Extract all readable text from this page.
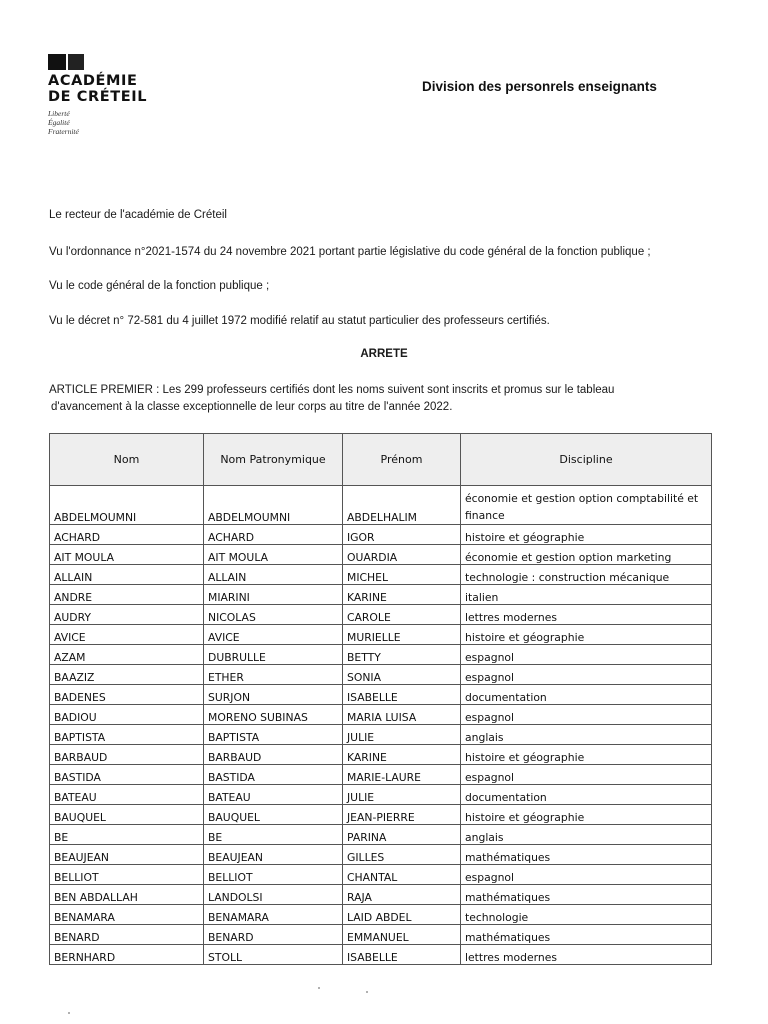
ACADÉMIE
DE CRÉTEIL
Liberté
Égalité
Fraternité
Division des personrels enseignants
Le recteur de l'académie de Créteil
Vu l'ordonnance n°2021-1574 du 24 novembre 2021 portant partie législative du code général de la fonction publique ;
Vu le code général de la fonction publique ;
Vu le décret n° 72-581 du 4 juillet 1972 modifié relatif au statut particulier des professeurs certifiés.
ARRETE
ARTICLE PREMIER : Les 299 professeurs certifiés dont les noms suivent sont inscrits et promus sur le tableau
d'avancement à la classe exceptionnelle de leur corps au titre de l'année 2022.
Nom	Nom Patronymique	Prénom	Discipline
ABDELMOUMNI	ABDELMOUMNI	ABDELHALIM	économie et gestion option comptabilité et finance
ACHARD	ACHARD	IGOR	histoire et géographie
AIT MOULA	AIT MOULA	OUARDIA	économie et gestion option marketing
ALLAIN	ALLAIN	MICHEL	technologie : construction mécanique
ANDRE	MIARINI	KARINE	italien
AUDRY	NICOLAS	CAROLE	lettres modernes
AVICE	AVICE	MURIELLE	histoire et géographie
AZAM	DUBRULLE	BETTY	espagnol
BAAZIZ	ETHER	SONIA	espagnol
BADENES	SURJON	ISABELLE	documentation
BADIOU	MORENO SUBINAS	MARIA LUISA	espagnol
BAPTISTA	BAPTISTA	JULIE	anglais
BARBAUD	BARBAUD	KARINE	histoire et géographie
BASTIDA	BASTIDA	MARIE-LAURE	espagnol
BATEAU	BATEAU	JULIE	documentation
BAUQUEL	BAUQUEL	JEAN-PIERRE	histoire et géographie
BE	BE	PARINA	anglais
BEAUJEAN	BEAUJEAN	GILLES	mathématiques
BELLIOT	BELLIOT	CHANTAL	espagnol
BEN ABDALLAH	LANDOLSI	RAJA	mathématiques
BENAMARA	BENAMARA	LAID ABDEL	technologie
BENARD	BENARD	EMMANUEL	mathématiques
BERNHARD	STOLL	ISABELLE	lettres modernes
